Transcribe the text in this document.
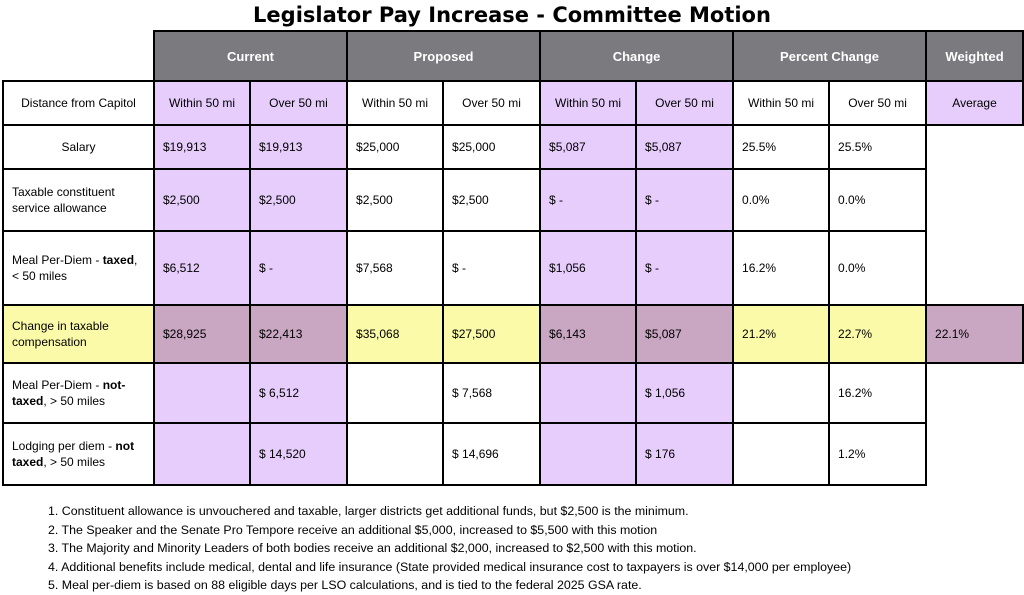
Legislator Pay Increase - Committee Motion
	Current		Proposed		Change		Percent Change		Weighted
Distance from Capitol	Within 50 mi	Over 50 mi	Within 50 mi	Over 50 mi	Within 50 mi	Over 50 mi	Within 50 mi	Over 50 mi	Average
Salary	$19,913	$19,913	$25,000	$25,000	$5,087	$5,087	25.5%	25.5%	
Taxable constituent service allowance	$2,500	$2,500	$2,500	$2,500	$ -	$ -	0.0%	0.0%	
Meal Per-Diem - taxed, < 50 miles	$6,512	$ -	$7,568	$ -	$1,056	$ -	16.2%	0.0%	
Change in taxable compensation	$28,925	$22,413	$35,068	$27,500	$6,143	$5,087	21.2%	22.7%	22.1%
Meal Per-Diem - not-taxed, > 50 miles		$ 6,512		$ 7,568		$ 1,056		16.2%	
Lodging per diem - not taxed, > 50 miles		$ 14,520		$ 14,696		$ 176		1.2%	
1. Constituent allowance is unvouchered and taxable, larger districts get additional funds, but $2,500 is the minimum.
2. The Speaker and the Senate Pro Tempore receive an additional $5,000, increased to $5,500 with this motion
3. The Majority and Minority Leaders of both bodies receive an additional $2,000, increased to $2,500 with this motion.
4. Additional benefits include medical, dental and life insurance (State provided medical insurance cost to taxpayers is over $14,000 per employee)
5. Meal per-diem is based on 88 eligible days per LSO calculations, and is tied to the federal 2025 GSA rate.
